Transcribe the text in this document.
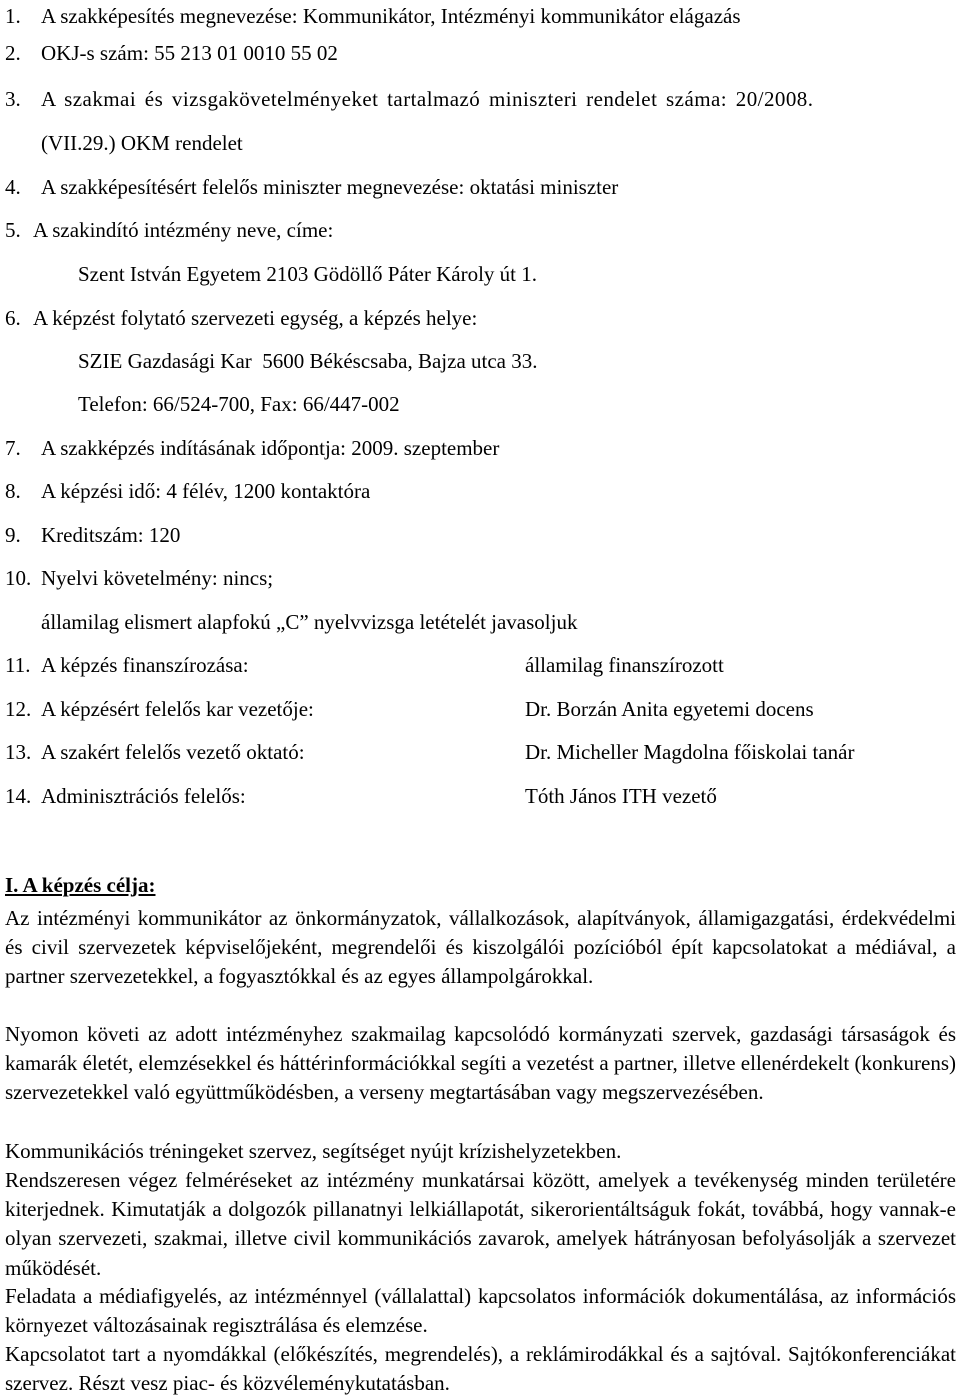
1. A szakképesítés megnevezése: Kommunikátor, Intézményi kommunikátor elágazás
2. OKJ-s szám: 55 213 01 0010 55 02
3. A szakmai és vizsgakövetelményeket tartalmazó miniszteri rendelet száma: 20/2008.
(VII.29.) OKM rendelet
4. A szakképesítésért felelős miniszter megnevezése: oktatási miniszter
5. A szakindító intézmény neve, címe:
Szent István Egyetem 2103 Gödöllő Páter Károly út 1.
6. A képzést folytató szervezeti egység, a képzés helye:
SZIE Gazdasági Kar  5600 Békéscsaba, Bajza utca 33.
Telefon: 66/524-700, Fax: 66/447-002
7. A szakképzés indításának időpontja: 2009. szeptember
8. A képzési idő: 4 félév, 1200 kontaktóra
9. Kreditszám: 120
10. Nyelvi követelmény: nincs;
államilag elismert alapfokú „C” nyelvvizsga letételét javasoljuk
11. A képzés finanszírozása:	államilag finanszírozott
12. A képzésért felelős kar vezetője:	Dr. Borzán Anita egyetemi docens
13. A szakért felelős vezető oktató:	Dr. Micheller Magdolna főiskolai tanár
14. Adminisztrációs felelős:	Tóth János ITH vezető
I. A képzés célja:
Az intézményi kommunikátor az önkormányzatok, vállalkozások, alapítványok, államigazgatási, érdekvédelmi és civil szervezetek képviselőjeként, megrendelői és kiszolgálói pozícióból épít kapcsolatokat a médiával, a partner szervezetekkel, a fogyasztókkal és az egyes állampolgárokkal.
Nyomon követi az adott intézményhez szakmailag kapcsolódó kormányzati szervek, gazdasági társaságok és kamarák életét, elemzésekkel és háttérinformációkkal segíti a vezetést a partner, illetve ellenérdekelt (konkurens) szervezetekkel való együttműködésben, a verseny megtartásában vagy megszervezésében.
Kommunikációs tréningeket szervez, segítséget nyújt krízishelyzetekben.
Rendszeresen végez felméréseket az intézmény munkatársai között, amelyek a tevékenység minden területére kiterjednek. Kimutatják a dolgozók pillanatnyi lelkiállapotát, sikerorientáltságuk fokát, továbbá, hogy vannak-e olyan szervezeti, szakmai, illetve civil kommunikációs zavarok, amelyek hátrányosan befolyásolják a szervezet működését.
Feladata a médiafigyelés, az intézménnyel (vállalattal) kapcsolatos információk dokumentálása, az információs környezet változásainak regisztrálása és elemzése.
Kapcsolatot tart a nyomdákkal (előkészítés, megrendelés), a reklámirodákkal és a sajtóval. Sajtókonferenciákat szervez. Részt vesz piac- és közvéleménykutatásban.
